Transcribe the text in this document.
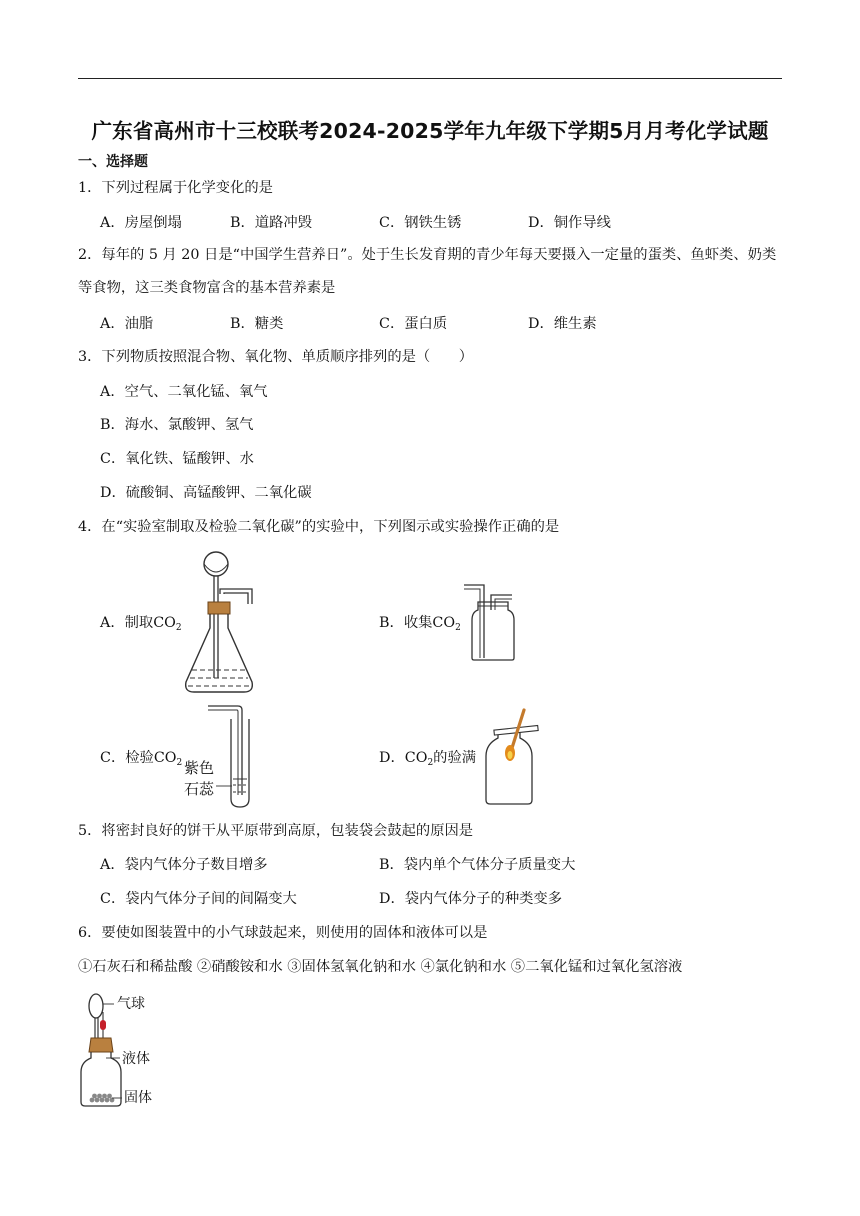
广东省高州市十三校联考2024-2025学年九年级下学期5月月考化学试题
一、选择题
1．下列过程属于化学变化的是
A．房屋倒塌	B．道路冲毁	C．钢铁生锈	D．铜作导线
2．每年的 5 月 20 日是“中国学生营养日”。处于生长发育期的青少年每天要摄入一定量的蛋类、鱼虾类、奶类等食物，这三类食物富含的基本营养素是
A．油脂	B．糖类	C．蛋白质	D．维生素
3．下列物质按照混合物、氧化物、单质顺序排列的是（　　）
A．空气、二氧化锰、氧气
B．海水、氯酸钾、氢气
C．氧化铁、锰酸钾、水
D．硫酸铜、高锰酸钾、二氧化碳
4．在“实验室制取及检验二氧化碳”的实验中，下列图示或实验操作正确的是
A．制取$CO_2$	B．收集$CO_2$
C．检验$CO_2$	D．$CO_2$的验满
紫色
石蕊
5．将密封良好的饼干从平原带到高原，包装袋会鼓起的原因是
A．袋内气体分子数目增多	B．袋内单个气体分子质量变大
C．袋内气体分子间的间隔变大	D．袋内气体分子的种类变多
6．要使如图装置中的小气球鼓起来，则使用的固体和液体可以是
①石灰石和稀盐酸 ②硝酸铵和水 ③固体氢氧化钠和水 ④氯化钠和水 ⑤二氧化锰和过氧化氢溶液
气球
液体
固体
